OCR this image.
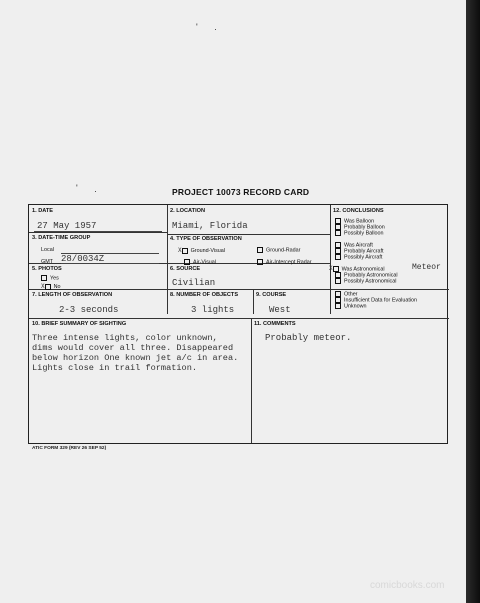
' ·
' ·	PROJECT 10073 RECORD CARD
1. DATE
27 May 1957
2. LOCATION
Miami, Florida
3. DATE-TIME GROUP
Local
GMT 28/0034Z
4. TYPE OF OBSERVATION
X Ground-Visual	Ground-Radar
Air-Visual	Air-Intercept Radar
5. PHOTOS
Yes
X No
6. SOURCE
Civilian
7. LENGTH OF OBSERVATION
2-3 seconds
8. NUMBER OF OBJECTS
3 lights
9. COURSE
West
10. BRIEF SUMMARY OF SIGHTING
Three intense lights, color unknown,
dims would cover all three. Disappeared
below horizon One known jet a/c in area.
Lights close in trail formation.
11. COMMENTS
Probably meteor.
12. CONCLUSIONS
Was Balloon
Probably Balloon
Possibly Balloon
Was Aircraft
Probably Aircraft
Possibly Aircraft
X Was Astronomical	Meteor
Probably Astronomical
Possibly Astronomical
Other
Insufficient Data for Evaluation
Unknown
ATIC FORM 329 (REV 26 SEP 52)
comicbooks.com
